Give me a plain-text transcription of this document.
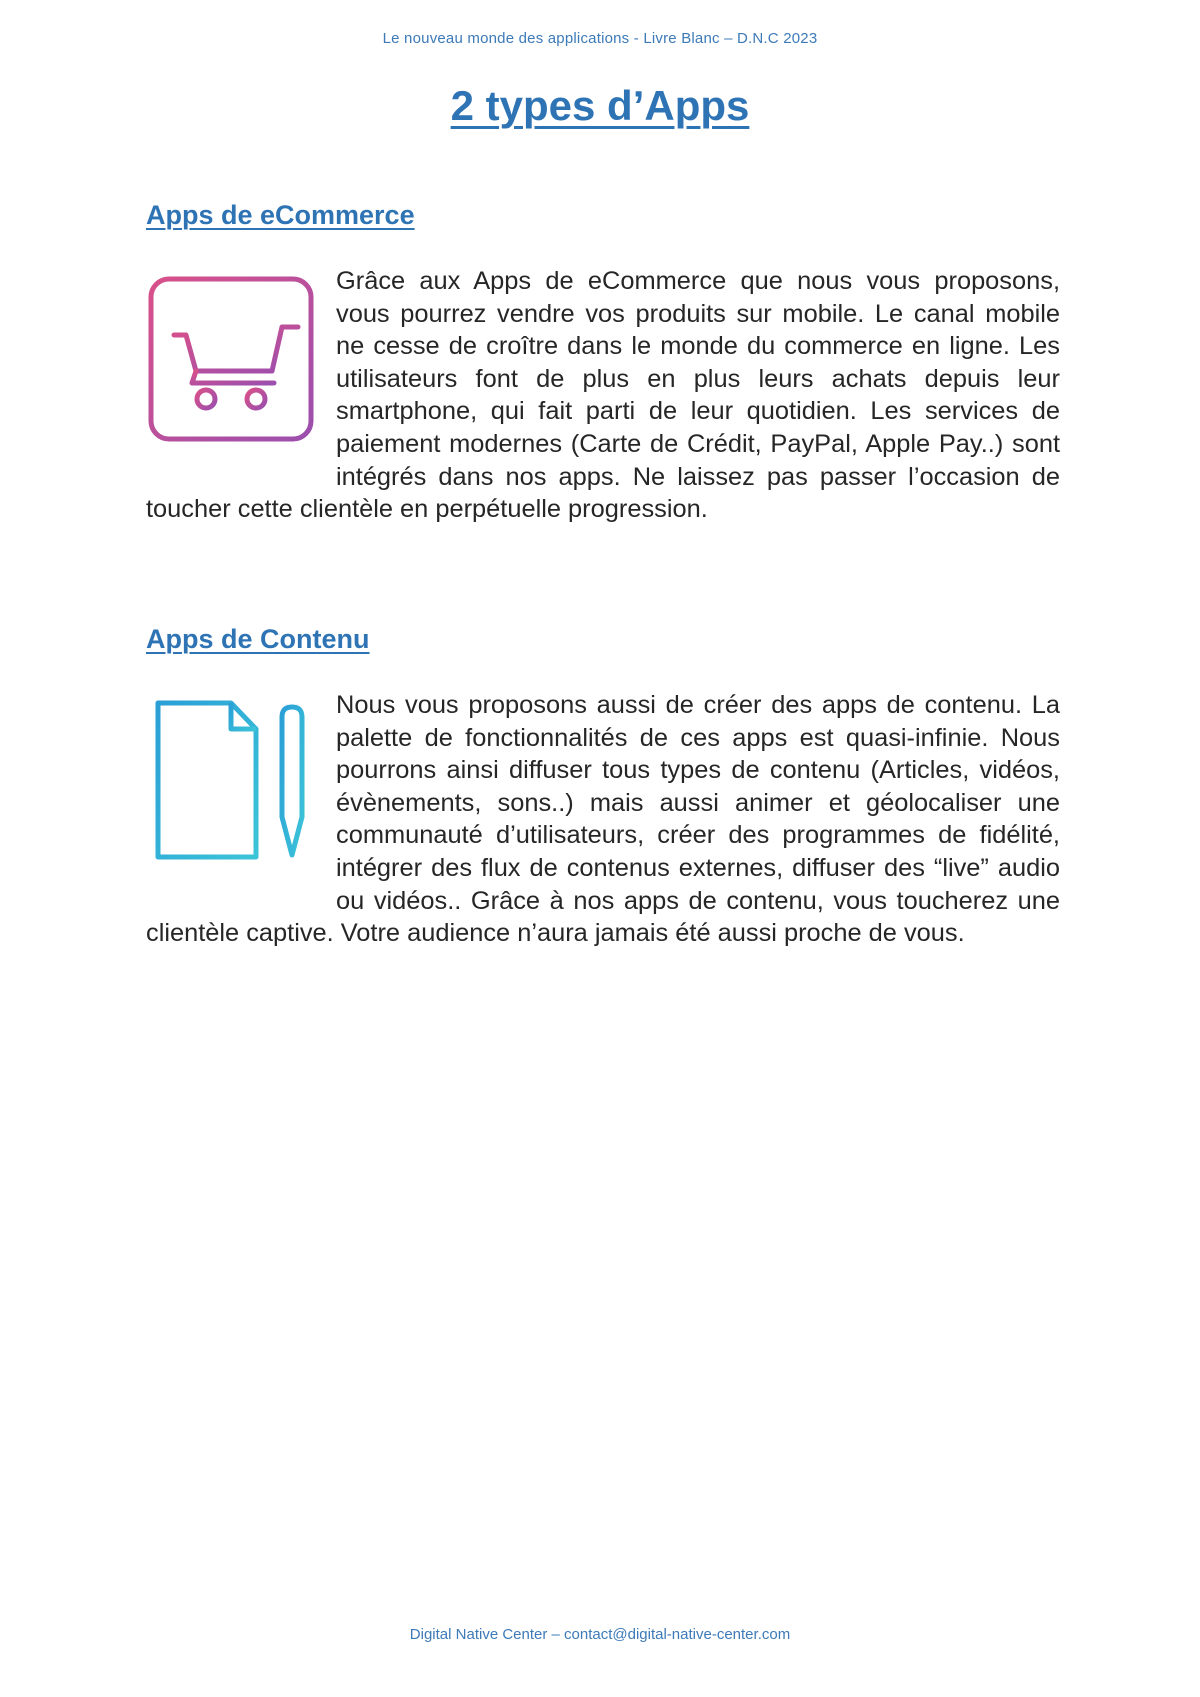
Le nouveau monde des applications - Livre Blanc – D.N.C 2023
2 types d’Apps
Apps de eCommerce
Grâce aux Apps de eCommerce que nous vous proposons, vous pourrez vendre vos produits sur mobile. Le canal mobile ne cesse de croître dans le monde du commerce en ligne. Les utilisateurs font de plus en plus leurs achats depuis leur smartphone, qui fait parti de leur quotidien. Les services de paiement modernes (Carte de Crédit, PayPal, Apple Pay..) sont intégrés dans nos apps. Ne laissez pas passer l’occasion de toucher cette clientèle en perpétuelle progression.
Apps de Contenu
Nous vous proposons aussi de créer des apps de contenu. La palette de fonctionnalités de ces apps est quasi-infinie. Nous pourrons ainsi diffuser tous types de contenu (Articles, vidéos, évènements, sons..) mais aussi animer et géolocaliser une communauté d’utilisateurs, créer des programmes de fidélité, intégrer des flux de contenus externes, diffuser des “live” audio ou vidéos.. Grâce à nos apps de contenu, vous toucherez une clientèle captive. Votre audience n’aura jamais été aussi proche de vous.
Digital Native Center – contact@digital-native-center.com
